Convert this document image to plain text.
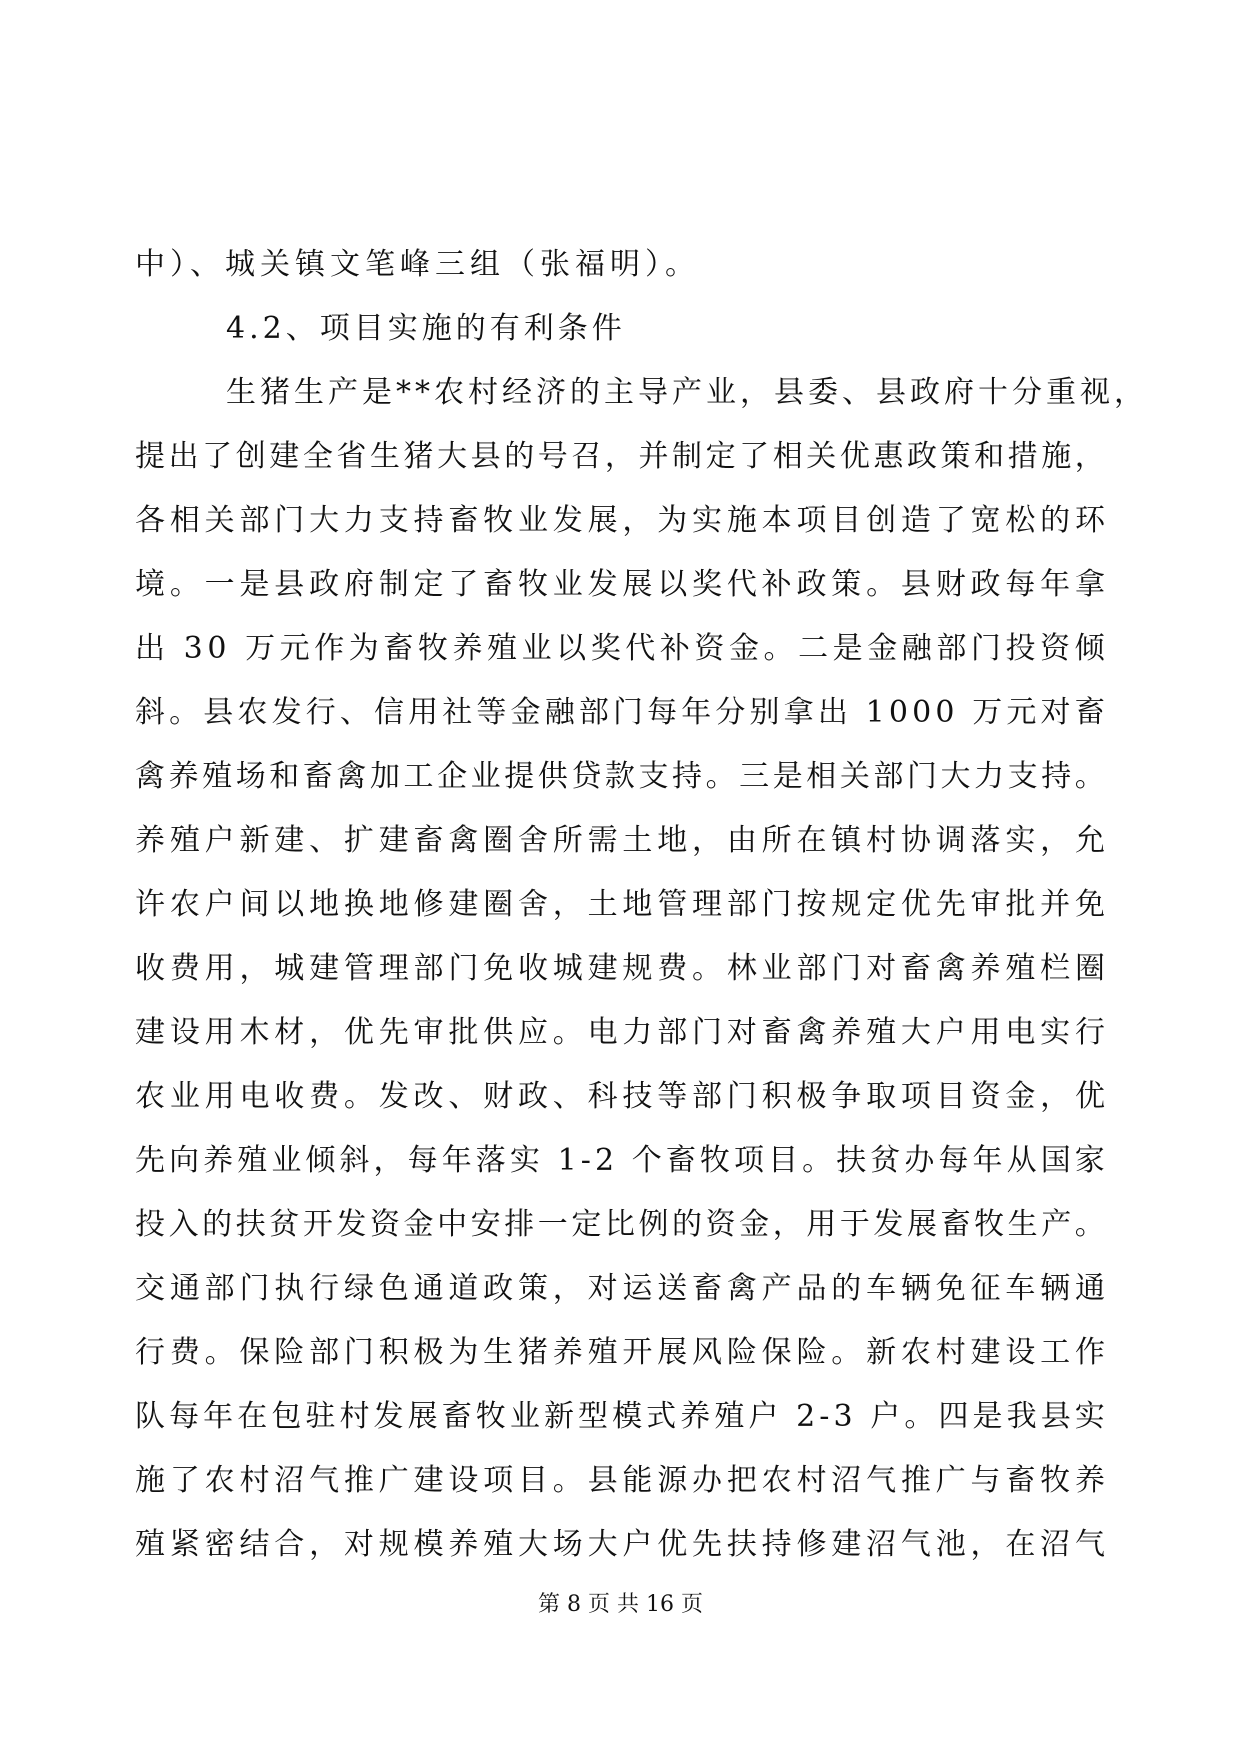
中）、城关镇文笔峰三组（张福明）。
4.2、项目实施的有利条件
生猪生产是**农村经济的主导产业，县委、县政府十分重视，
提 出 了 创 建 全 省 生 猪 大 县 的 号 召 ， 并 制 定 了 相 关 优 惠 政 策 和 措 施 ，
各 相 关 部 门 大 力 支 持 畜 牧 业 发 展 ， 为 实 施 本 项 目 创 造 了 宽 松 的 环
境 。 一 是 县 政 府 制 定 了 畜 牧 业 发 展 以 奖 代 补 政 策 。 县 财 政 每 年 拿
出
3 0
万 元 作 为 畜 牧 养 殖 业 以 奖 代 补 资 金 。 二 是 金 融 部 门 投 资 倾
斜 。 县 农 发 行 、 信 用 社 等 金 融 部 门 每 年 分 别 拿 出
1 0 0 0
万 元 对 畜
禽 养 殖 场 和 畜 禽 加 工 企 业 提 供 贷 款 支 持 。 三 是 相 关 部 门 大 力 支 持 。
养 殖 户 新 建 、 扩 建 畜 禽 圈 舍 所 需 土 地 ， 由 所 在 镇 村 协 调 落 实 ， 允
许 农 户 间 以 地 换 地 修 建 圈 舍 ， 土 地 管 理 部 门 按 规 定 优 先 审 批 并 免
收 费 用 ， 城 建 管 理 部 门 免 收 城 建 规 费 。 林 业 部 门 对 畜 禽 养 殖 栏 圈
建 设 用 木 材 ， 优 先 审 批 供 应 。 电 力 部 门 对 畜 禽 养 殖 大 户 用 电 实 行
农 业 用 电 收 费 。 发 改 、 财 政 、 科 技 等 部 门 积 极 争 取 项 目 资 金 ， 优
先 向 养 殖 业 倾 斜 ， 每 年 落 实
1 - 2
个 畜 牧 项 目 。 扶 贫 办 每 年 从 国 家
投 入 的 扶 贫 开 发 资 金 中 安 排 一 定 比 例 的 资 金 ， 用 于 发 展 畜 牧 生 产 。
交 通 部 门 执 行 绿 色 通 道 政 策 ， 对 运 送 畜 禽 产 品 的 车 辆 免 征 车 辆 通
行 费 。 保 险 部 门 积 极 为 生 猪 养 殖 开 展 风 险 保 险 。 新 农 村 建 设 工 作
队 每 年 在 包 驻 村 发 展 畜 牧 业 新 型 模 式 养 殖 户
2 - 3
户 。 四 是 我 县 实
施 了 农 村 沼 气 推 广 建 设 项 目 。 县 能 源 办 把 农 村 沼 气 推 广 与 畜 牧 养
殖 紧 密 结 合 ， 对 规 模 养 殖 大 场 大 户 优 先 扶 持 修 建 沼 气 池 ， 在 沼 气
第 8 页 共 16 页
